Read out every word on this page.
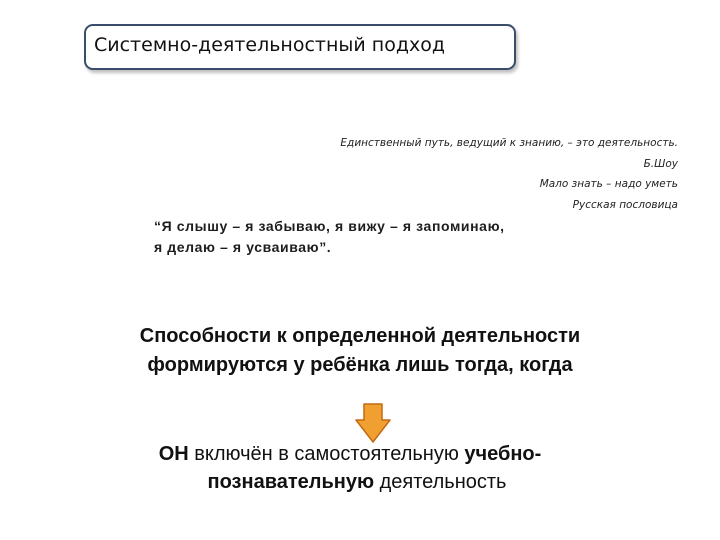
Системно-деятельностный подход
Единственный путь, ведущий к знанию, – это деятельность.
Б.Шоу
Мало знать – надо уметь
Русская пословица
“Я слышу – я забываю, я вижу – я запоминаю,
я делаю – я усваиваю”.
Способности к определенной деятельности
формируются у ребёнка лишь тогда, когда
ОН включён в самостоятельную учебно-
познавательную деятельность
